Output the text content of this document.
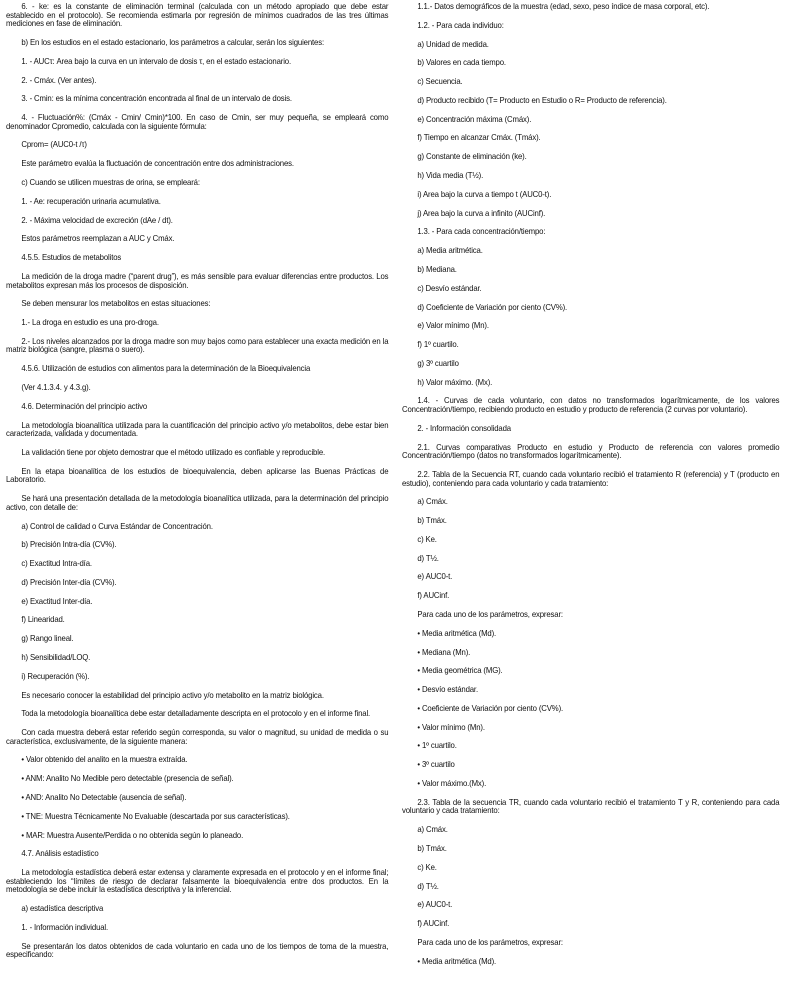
6. - ke: es la constante de eliminación terminal (calculada con un método apropiado que debe estar establecido en el protocolo). Se recomienda estimarla por regresión de mínimos cuadrados de las tres últimas mediciones en fase de eliminación.

b) En los estudios en el estado estacionario, los parámetros a calcular, serán los siguientes:

1. - AUCτ: Area bajo la curva en un intervalo de dosis τ, en el estado estacionario.

2. - Cmáx. (Ver antes).

3. - Cmin: es la mínima concentración encontrada al final de un intervalo de dosis.

4. - Fluctuación%: (Cmáx - Cmin/ Cmin)*100. En caso de Cmin, ser muy pequeña, se empleará como denominador Cpromedio, calculada con la siguiente fórmula:

Cprom= (AUC0-t /τ)

Este parámetro evalúa la fluctuación de concentración entre dos administraciones.

c) Cuando se utilicen muestras de orina, se empleará:

1. - Ae: recuperación urinaria acumulativa.

2. - Máxima velocidad de excreción (dAe / dt).

Estos parámetros reemplazan a AUC y Cmáx.

4.5.5. Estudios de metabolitos

La medición de la droga madre (“parent drug”), es más sensible para evaluar diferencias entre productos. Los metabolitos expresan más los procesos de disposición.

Se deben mensurar los metabolitos en estas situaciones:

1.- La droga en estudio es una pro-droga.

2.- Los niveles alcanzados por la droga madre son muy bajos como para establecer una exacta medición en la matriz biológica (sangre, plasma o suero).

4.5.6. Utilización de estudios con alimentos para la determinación de la Bioequivalencia

(Ver 4.1.3.4. y 4.3.g).

4.6. Determinación del principio activo

La metodología bioanalítica utilizada para la cuantificación del principio activo y/o metabolitos, debe estar bien caracterizada, validada y documentada.

La validación tiene por objeto demostrar que el método utilizado es confiable y reproducible.

En la etapa bioanalítica de los estudios de bioequivalencia, deben aplicarse las Buenas Prácticas de Laboratorio.

Se hará una presentación detallada de la metodología bioanalítica utilizada, para la determinación del principio activo, con detalle de:

a) Control de calidad o Curva Estándar de Concentración.

b) Precisión Intra-día (CV%).

c) Exactitud Intra-día.

d) Precisión Inter-día (CV%).

e) Exactitud Inter-día.

f) Linearidad.

g) Rango lineal.

h) Sensibilidad/LOQ.

i) Recuperación (%).

Es necesario conocer la estabilidad del principio activo y/o metabolito en la matriz biológica.

Toda la metodología bioanalítica debe estar detalladamente descripta en el protocolo y en el informe final.

Con cada muestra deberá estar referido según corresponda, su valor o magnitud, su unidad de medida o su característica, exclusivamente, de la siguiente manera:

• Valor obtenido del analito en la muestra extraída.

• ANM: Analito No Medible pero detectable (presencia de señal).

• AND: Analito No Detectable (ausencia de señal).

• TNE: Muestra Técnicamente No Evaluable (descartada por sus características).

• MAR: Muestra Ausente/Perdida o no obtenida según lo planeado.

4.7. Análisis estadístico

La metodología estadística deberá estar extensa y claramente expresada en el protocolo y en el informe final; estableciendo los “límites de riesgo de declarar falsamente la bioequivalencia entre dos productos. En la metodología se debe incluir la estadística descriptiva y la inferencial.

a) estadística descriptiva

1. - Información individual.

Se presentarán los datos obtenidos de cada voluntario en cada uno de los tiempos de toma de la muestra, especificando:

1.1.- Datos demográficos de la muestra (edad, sexo, peso índice de masa corporal, etc).

1.2. - Para cada individuo:

a) Unidad de medida.

b) Valores en cada tiempo.

c) Secuencia.

d) Producto recibido (T= Producto en Estudio o R= Producto de referencia).

e) Concentración máxima (Cmáx).

f) Tiempo en alcanzar Cmáx. (Tmáx).

g) Constante de eliminación (ke).

h) Vida media (T½).

i) Area bajo la curva a tiempo t (AUC0-t).

j) Area bajo la curva a infinito (AUCinf).

1.3. - Para cada concentración/tiempo:

a) Media aritmética.

b) Mediana.

c) Desvío estándar.

d) Coeficiente de Variación por ciento (CV%).

e) Valor mínimo (Mn).

f) 1º cuartilo.

g) 3º cuartilo

h) Valor máximo. (Mx).

1.4. - Curvas de cada voluntario, con datos no transformados logarítmicamente, de los valores Concentración/tiempo, recibiendo producto en estudio y producto de referencia (2 curvas por voluntario).

2. - Información consolidada

2.1. Curvas comparativas Producto en estudio y Producto de referencia con valores promedio Concentración/tiempo (datos no transformados logarítmicamente).

2.2. Tabla de la Secuencia RT, cuando cada voluntario recibió el tratamiento R (referencia) y T (producto en estudio), conteniendo para cada voluntario y cada tratamiento:

a) Cmáx.

b) Tmáx.

c) Ke.

d) T½.

e) AUC0-t.

f) AUCinf.

Para cada uno de los parámetros, expresar:

• Media aritmética (Md).

• Mediana (Mn).

• Media geométrica (MG).

• Desvío estándar.

• Coeficiente de Variación por ciento (CV%).

• Valor mínimo (Mn).

• 1º cuartilo.

• 3º cuartilo

• Valor máximo.(Mx).

2.3. Tabla de la secuencia TR, cuando cada voluntario recibió el tratamiento T y R, conteniendo para cada voluntario y cada tratamiento:

a) Cmáx.

b) Tmáx.

c) Ke.

d) T½.

e) AUC0-t.

f) AUCinf.

Para cada uno de los parámetros, expresar:

• Media aritmética (Md).
